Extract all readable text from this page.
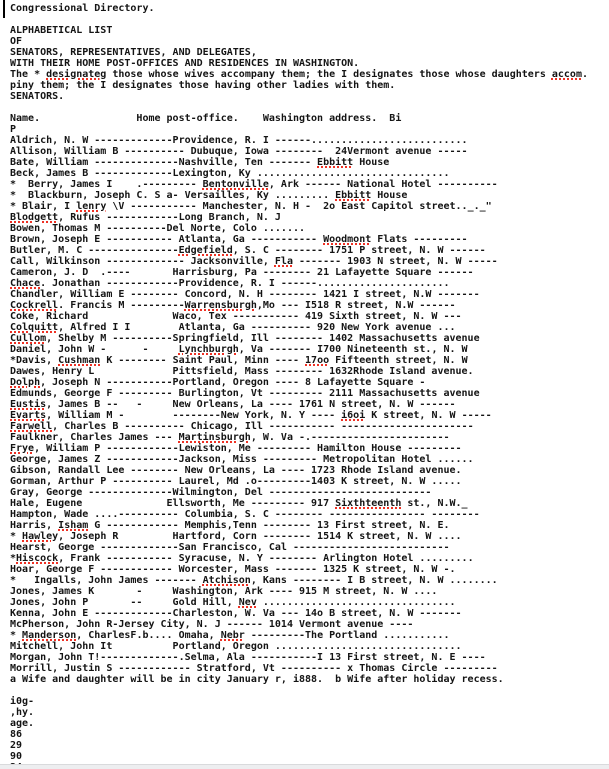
Congressional Directory.

ALPHABETICAL LIST
OF
SENATORS, REPRESENTATIVES, AND DELEGATES,
WITH THEIR HOME POST-OFFICES AND RESIDENCES IN WASHINGTON.
The * designateg those whose wives accompany them; the I designates those whose daughters accom.
piny them; the I designates those having other ladies with them.
SENATORS.

Name.                Home post-office.    Washington address.  Bi
P
Aldrich, N. W -------------Providence, R. I ------..........................
Allison, William B ---------- Dubuque, Iowa --------  24Vermont avenue -----
Bate, William --------------Nashville, Ten ------- Ebbitt House
Beck, James B -------------Lexington, Ky ................................
*  Berry, James I    .--------- Bentonville, Ark ------ National Hotel ----------
*  Blackburn, Joseph C. S a- Versailles, Ky ......... Ebbitt House
* Blair, I lenry \V ----------- Manchester, N. H -  2o East Capitol street.._._"
Blodgett, Rufus ------------Long Branch, N. J
Bowen, Thomas M ----------Del Norte, Colo .......
Brown, Joseph E ----------- Atlanta, Ga ----------- Woodmont Flats ---------
Butler, M. C ---------------Edgefield, S. C -------- 1751 P street, N. W ------
Call, Wilkinson ------------- Jacksonville, Fla ------- 1903 N street, N. W -----
Cameron, J. D  .----       Harrisburg, Pa -------- 21 Lafayette Square ------
Chace. Jonathan ------------Providence, R. I ------......................
Chandler, William E -------- Concord, N. H -------- 1421 I street, N.W -------
Cockrell. Francis M ---------Warrensburgh,Mo --- I518 R street, N.W ------
Coke, Richard              Waco, Tex ----------- 419 Sixth street, N. W ---
Colquitt, Alfred I I        Atlanta, Ga ---------- 920 New York avenue ...
Cullom, Shelby M ----------Springfield, Ill -------- 1402 Massachusetts avenue
Daniel, John W -      -     Lynchburgh, Va ------- I700 Nineteenth st., N. W
*Davis, Cushman K -------- Saint Paul, Minn ---- 17oo Fifteenth street, N. W
Dawes, Henry L             Pittsfield, Mass -------- 1632Rhode Island avenue.
Dolph, Joseph N -----------Portland, Oregon ---- 8 Lafayette Square -
Edmunds, George F --------- Burlington, Vt --------- 2111 Massachusetts avenue
Eustis, James B --   -     New Orleans, La ---- 1761 N street, N. W ------
Evarts, William M -        --------New York, N. Y ---- i6oi K street, N. W -----
Farwell, Charles B ---------- Chicago, Ill ----------- ----------------------
Faulkner, Charles James --- Martinsburgh, W. Va -.-----------------------
Frye, William P ------------Lewiston, Me --------- Hamilton House ---------
George, James Z ------------Jackson, Miss --------- Metropolitan Hotel ......
Gibson, Randall Lee -------- New Orleans, La ---- 1723 Rhode Island avenue.
Gorman, Arthur P ---------- Laurel, Md .o---------1403 K street, N. W .....
Gray, George --------------Wilmington, Del ---------------------------
Hale, Eugene              Ellsworth, Me --------- 917 Sixthteenth st., N.W._
Hampton, Wade ....---------- Columbia, S. C -------- ---------------- --------
Harris, Isham G ------------ Memphis,Tenn -------- 13 First street, N. E.
* Hawley, Joseph R         Hartford, Corn -------- 1514 K street, N. W ....
Hearst, George -------------San Francisco, Cal --------------------------
*Hiscock, Frank ----------- Syracuse, N. Y -------- Arlington Hotel .........
Hoar, George F ------------ Worcester, Mass ------- 1325 K street, N. W -.
*   Ingalls, John James ------- Atchison, Kans -------- I B street, N. W ........
Jones, James K       -     Washington, Ark ---- 915 M street, N. W ....
Jones, John P       --     Gold Hill, Nev ................................
Kenna, John E -------------Charleston, W. Va --- 14o B street, N. W -------
McPherson, John R-Jersey City, N. J ------ 1014 Vermont avenue ----
* Manderson, CharlesF.b.... Omaha, Nebr ---------The Portland ...........
Mitchell, John It          Portland, Oregon ...............................
Morgan, John T!-------------.Selma, Ala -----------I 13 First street, N. E ----
Morrill, Justin S ------------ Stratford, Vt ---------- x Thomas Circle ---------
a Wife and daughter will be in city January r, i888.  b Wife after holiday recess.

i0g-
,hy.
age.
86
29
90
